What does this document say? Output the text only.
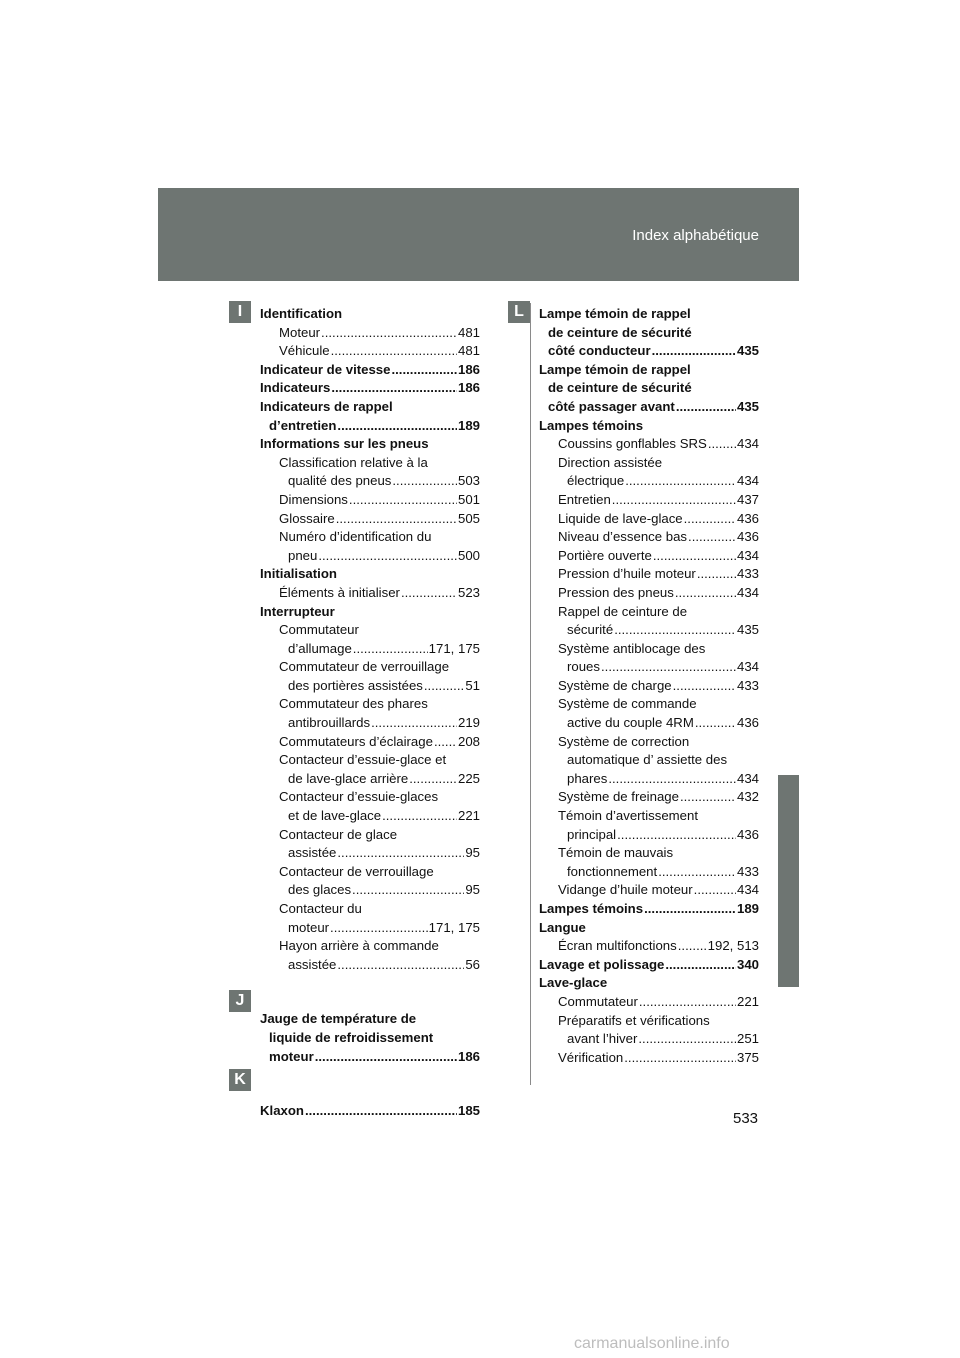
Index alphabétique
I
J
K
L
Identification
Moteur .....	481
Véhicule .....	481
Indicateur de vitesse .....	186
Indicateurs .....	186
Indicateurs de rappel
d’entretien .....	189
Informations sur les pneus
Classification relative à la
qualité des pneus .....	503
Dimensions .....	501
Glossaire .....	505
Numéro d’identification du
pneu .....	500
Initialisation
Éléments à initialiser .....	523
Interrupteur
Commutateur
d’allumage .....	171, 175
Commutateur de verrouillage
des portières assistées .....	51
Commutateur des phares
antibrouillards .....	219
Commutateurs d’éclairage ..... 208
Contacteur d’essuie-glace et
de lave-glace arrière .....	225
Contacteur d’essuie-glaces
et de lave-glace .....	221
Contacteur de glace
assistée .....	95
Contacteur de verrouillage
des glaces .....	95
Contacteur du
moteur .....	171, 175
Hayon arrière à commande
assistée .....	56
Jauge de température de
liquide de refroidissement
moteur .....	186
Klaxon .....	185
Lampe témoin de rappel
de ceinture de sécurité
côté conducteur .....	435
Lampe témoin de rappel
de ceinture de sécurité
côté passager avant .....	435
Lampes témoins
Coussins gonflables SRS ..... 434
Direction assistée
électrique .....	434
Entretien .....	437
Liquide de lave-glace .....	436
Niveau d’essence bas .....	436
Portière ouverte .....	434
Pression d’huile moteur .....	433
Pression des pneus .....	434
Rappel de ceinture de
sécurité .....	435
Système antiblocage des
roues .....	434
Système de charge .....	433
Système de commande
active du couple 4RM .....	436
Système de correction
automatique d’ assiette des
phares .....	434
Système de freinage .....	432
Témoin d’avertissement
principal .....	436
Témoin de mauvais
fonctionnement .....	433
Vidange d’huile moteur .....	434
Lampes témoins .....	189
Langue
Écran multifonctions ..... 192, 513
Lavage et polissage .....	340
Lave-glace
Commutateur .....	221
Préparatifs et vérifications
avant l’hiver .....	251
Vérification .....	375
533
carmanualsonline.info
